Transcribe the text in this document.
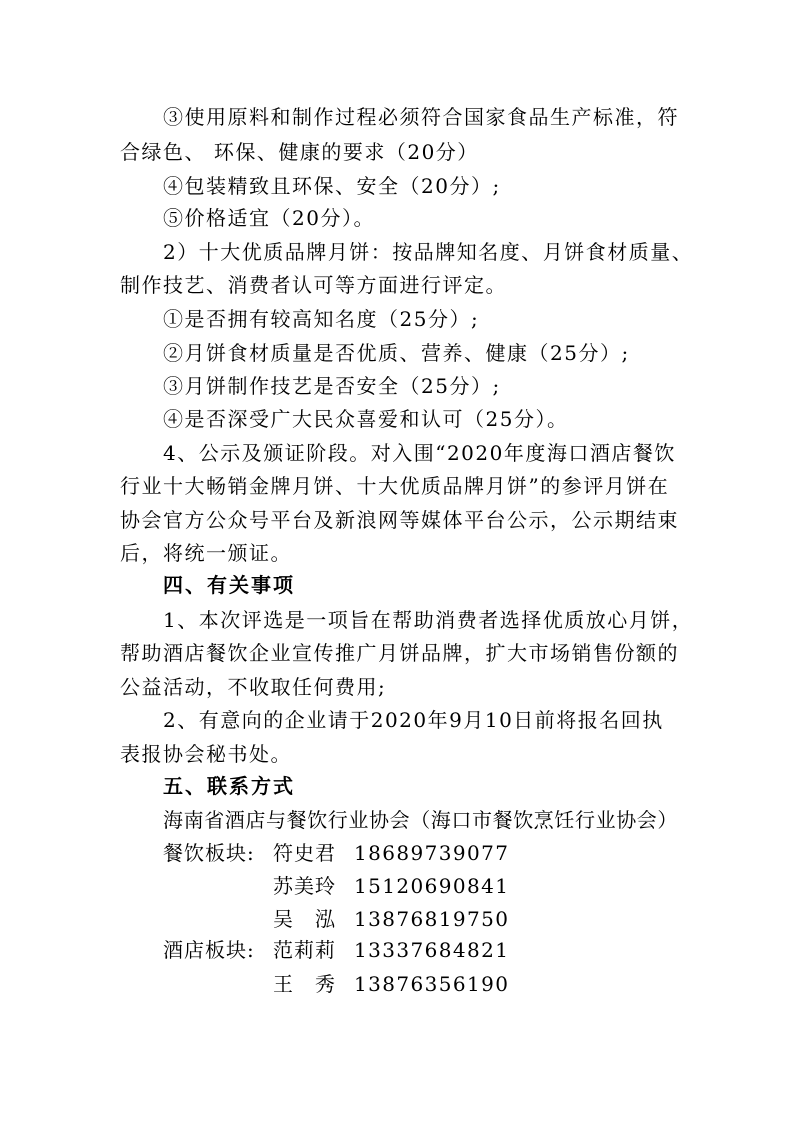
③使用原料和制作过程必须符合国家食品生产标准，符
合绿色、 环保、健康的要求（20分）
④包装精致且环保、安全（20分）;
⑤价格适宜（20分）。
2）十大优质品牌月饼：按品牌知名度、月饼食材质量、
制作技艺、消费者认可等方面进行评定。
①是否拥有较高知名度（25分）;
②月饼食材质量是否优质、营养、健康（25分）;
③月饼制作技艺是否安全（25分）;
④是否深受广大民众喜爱和认可（25分）。
4、公示及颁证阶段。对入围“2020年度海口酒店餐饮
行业十大畅销金牌月饼、十大优质品牌月饼”的参评月饼在
协会官方公众号平台及新浪网等媒体平台公示，公示期结束
后，将统一颁证。
四、有关事项
1、本次评选是一项旨在帮助消费者选择优质放心月饼，
帮助酒店餐饮企业宣传推广月饼品牌，扩大市场销售份额的
公益活动，不收取任何费用;
2、有意向的企业请于2020年9月10日前将报名回执
表报协会秘书处。
五、联系方式
海南省酒店与餐饮行业协会（海口市餐饮烹饪行业协会）
餐饮板块: 符史君 18689739077
苏美玲 15120690841
吴　泓 13876819750
酒店板块: 范莉莉 13337684821
王　秀 13876356190
